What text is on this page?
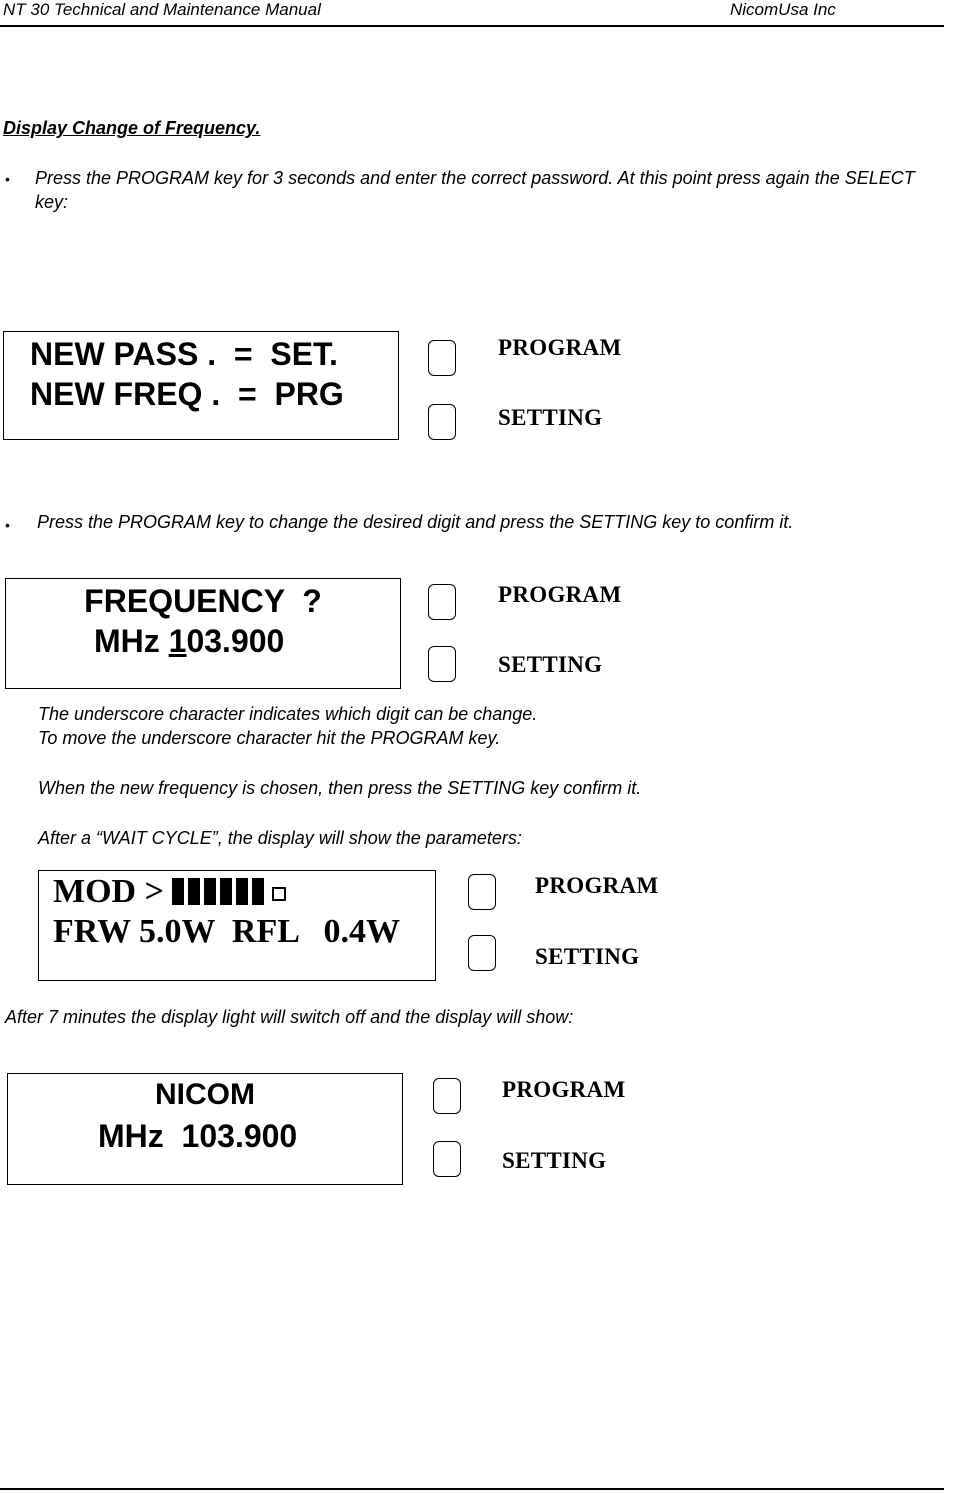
NT 30 Technical and Maintenance Manual	NicomUsa Inc
Display Change of Frequency.
• Press the PROGRAM key for 3 seconds and enter the correct password. At this point press again the SELECT key:
NEW PASS .  =  SET.
NEW FREQ .  =  PRG
PROGRAM
SETTING
• Press the PROGRAM key to change the desired digit and press the SETTING key to confirm it.
FREQUENCY  ?
MHz 103.900
PROGRAM
SETTING
The underscore character indicates which digit can be change.
To move the underscore character hit the PROGRAM key.
When the new frequency is chosen, then press the SETTING key confirm it.
After a “WAIT CYCLE”, the display will show the parameters:
MOD >
FRW 5.0W  RFL   0.4W
PROGRAM
SETTING
After 7 minutes the display light will switch off and the display will show:
NICOM
MHz  103.900
PROGRAM
SETTING
